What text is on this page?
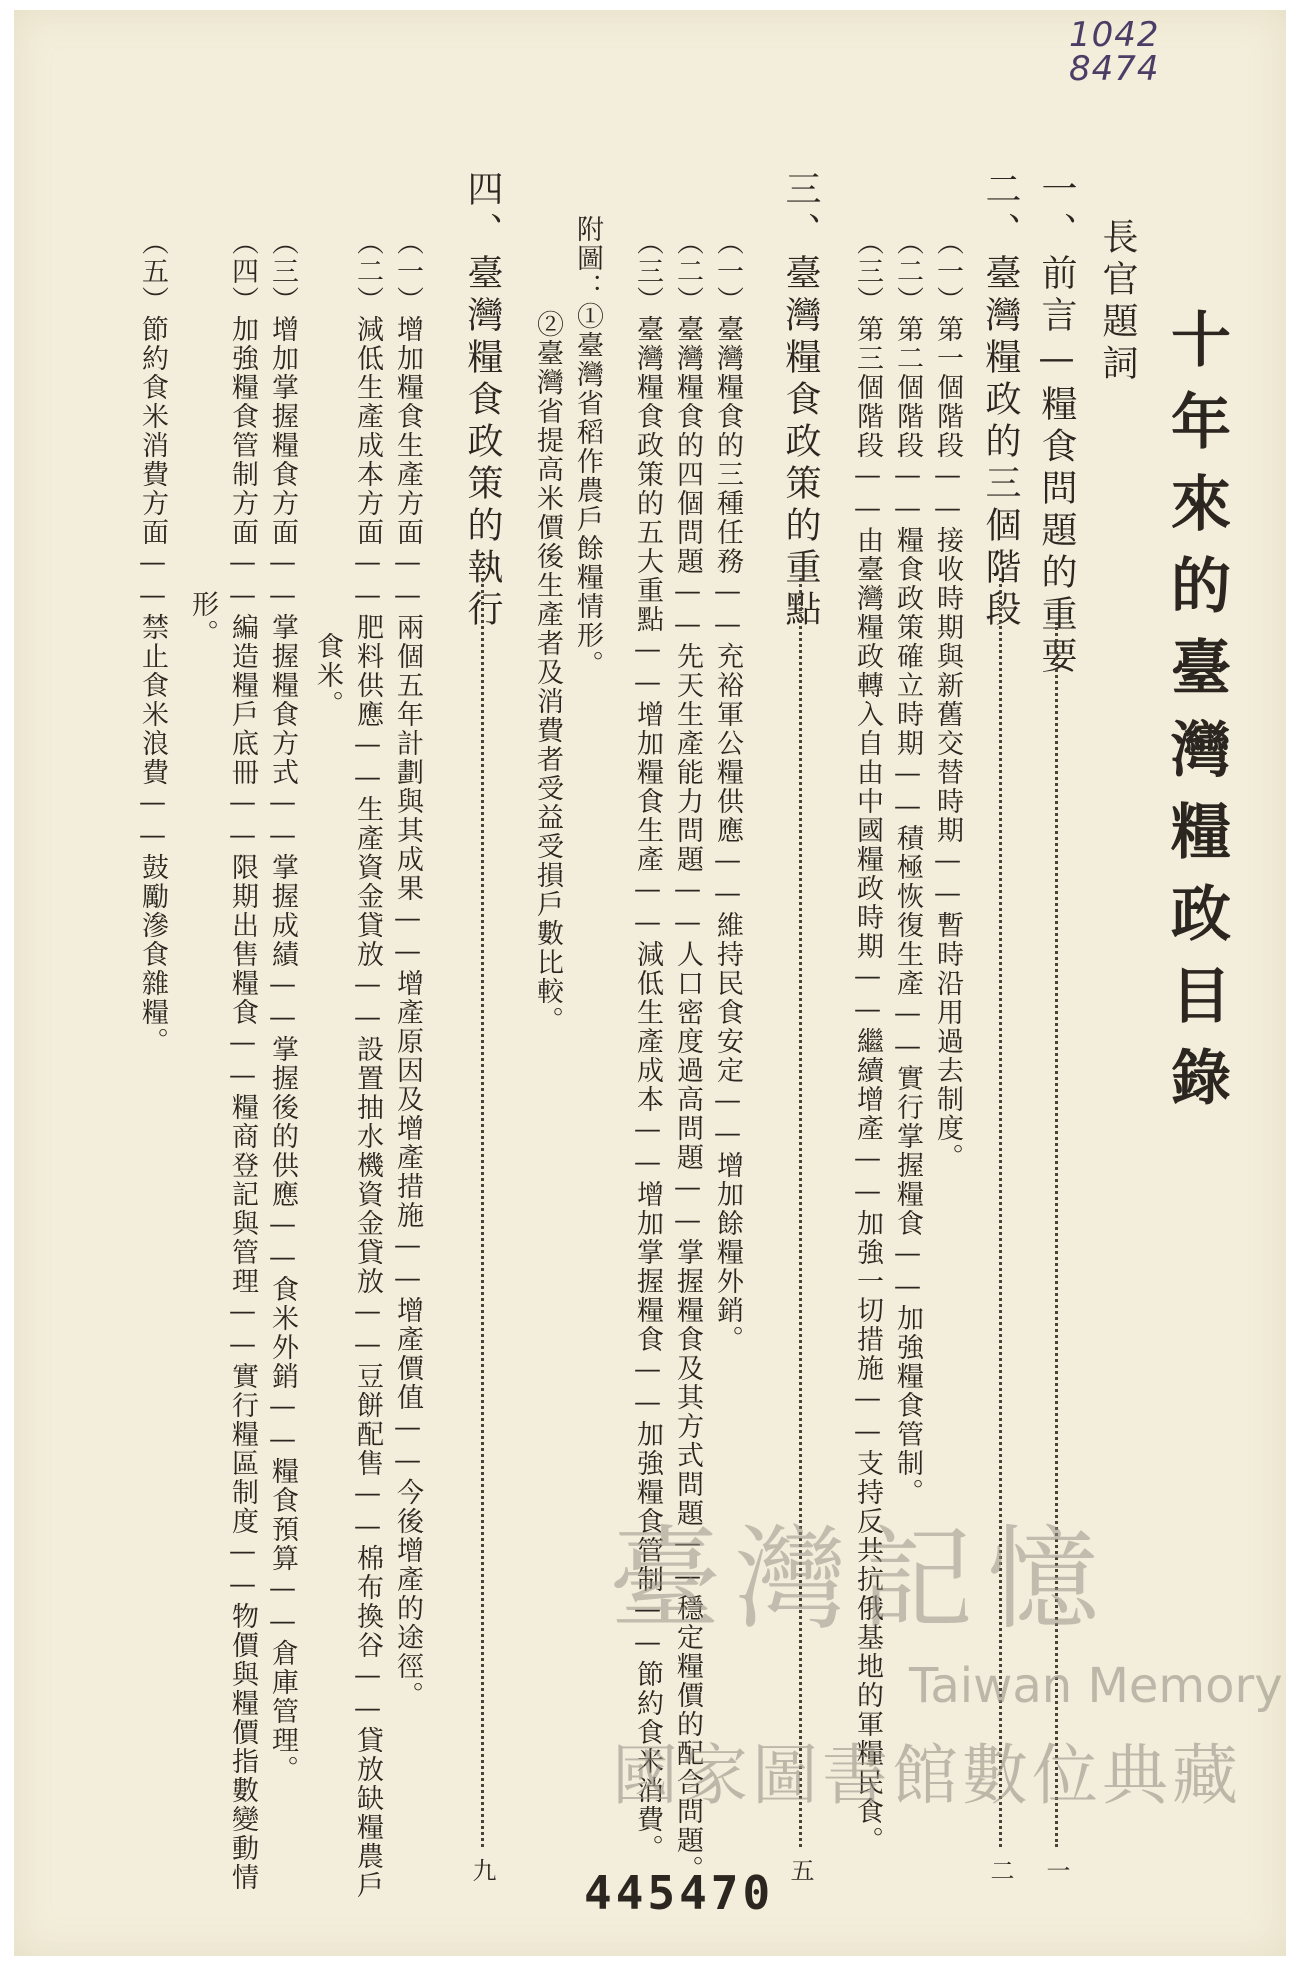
1042
8474
十年來的臺灣糧政目錄
長官題詞
一、前言—糧食問題的重要
一
二、臺灣糧政的三個階段
二
（一）第一個階段——接收時期與新舊交替時期——暫時沿用過去制度。
（二）第二個階段——糧食政策確立時期——積極恢復生產——實行掌握糧食——加強糧食管制。
（三）第三個階段——由臺灣糧政轉入自由中國糧政時期——繼續增產——加強一切措施——支持反共抗俄基地的軍糧民食。
三、臺灣糧食政策的重點
五
（一）臺灣糧食的三種任務——充裕軍公糧供應——維持民食安定——增加餘糧外銷。
（二）臺灣糧食的四個問題——先天生產能力問題——人口密度過高問題——掌握糧食及其方式問題——穩定糧價的配合問題。
（三）臺灣糧食政策的五大重點——增加糧食生產——減低生產成本——增加掌握糧食——加強糧食管制——節約食米消費。
附圖：①臺灣省稻作農戶餘糧情形。
②臺灣省提高米價後生產者及消費者受益受損戶數比較。
四、臺灣糧食政策的執行
九
（一）增加糧食生產方面——兩個五年計劃與其成果——增產原因及增產措施——增產價值——今後增產的途徑。
（二）減低生產成本方面——肥料供應——生產資金貸放——設置抽水機資金貸放——豆餅配售——棉布換谷——貸放缺糧農戶
食米。
（三）增加掌握糧食方面——掌握糧食方式——掌握成績——掌握後的供應——食米外銷——糧食預算——倉庫管理。
（四）加強糧食管制方面——編造糧戶底冊——限期出售糧食——糧商登記與管理——實行糧區制度——物價與糧價指數變動情
形。
（五）節約食米消費方面——禁止食米浪費——鼓勵滲食雜糧。
臺灣記憶
Taiwan Memory
國家圖書館數位典藏
445470
